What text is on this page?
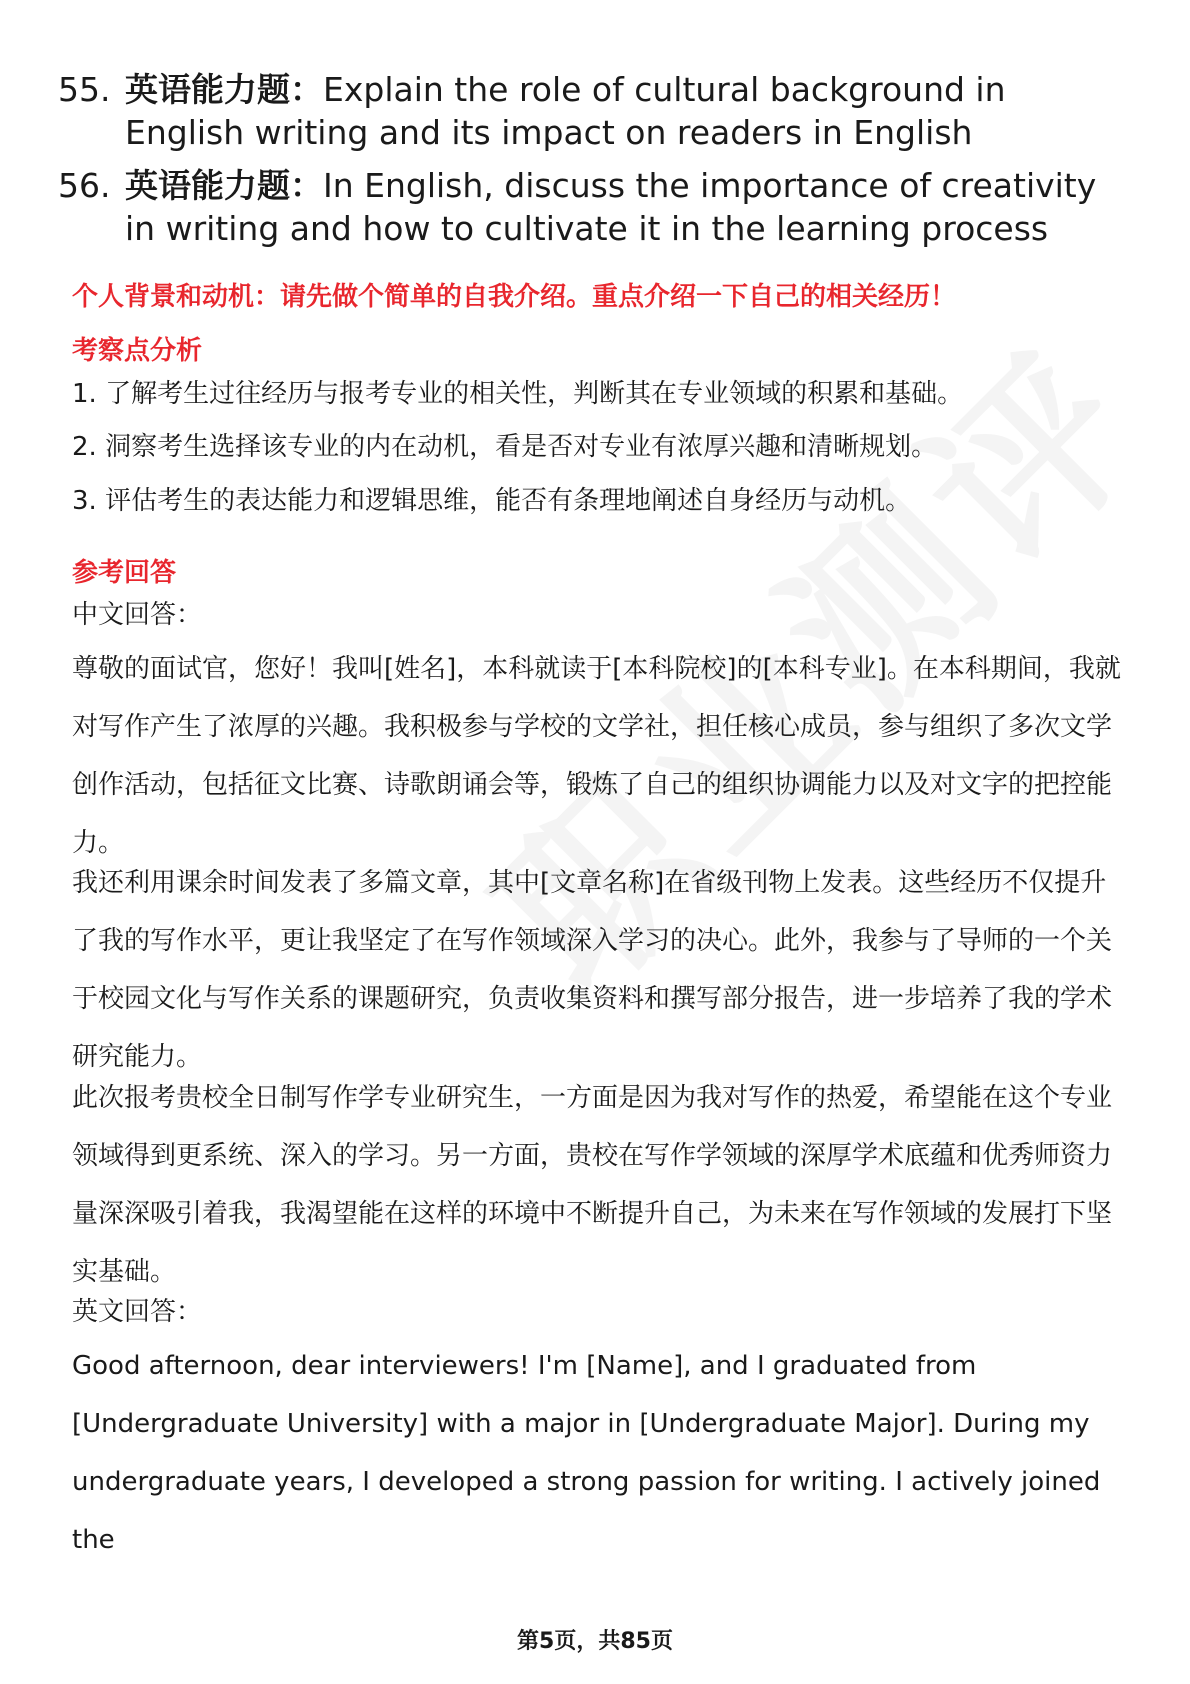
55. 英语能力题：Explain the role of cultural background in English writing and its impact on readers in English
56. 英语能力题：In English, discuss the importance of creativity in writing and how to cultivate it in the learning process
个人背景和动机：请先做个简单的自我介绍。重点介绍一下自己的相关经历！
考察点分析
1. 了解考生过往经历与报考专业的相关性，判断其在专业领域的积累和基础。
2. 洞察考生选择该专业的内在动机，看是否对专业有浓厚兴趣和清晰规划。
3. 评估考生的表达能力和逻辑思维，能否有条理地阐述自身经历与动机。
参考回答
中文回答：
尊敬的面试官，您好！我叫[姓名]，本科就读于[本科院校]的[本科专业]。在本科期间，我就对写作产生了浓厚的兴趣。我积极参与学校的文学社，担任核心成员，参与组织了多次文学创作活动，包括征文比赛、诗歌朗诵会等，锻炼了自己的组织协调能力以及对文字的把控能力。
我还利用课余时间发表了多篇文章，其中[文章名称]在省级刊物上发表。这些经历不仅提升了我的写作水平，更让我坚定了在写作领域深入学习的决心。此外，我参与了导师的一个关于校园文化与写作关系的课题研究，负责收集资料和撰写部分报告，进一步培养了我的学术研究能力。
此次报考贵校全日制写作学专业研究生，一方面是因为我对写作的热爱，希望能在这个专业领域得到更系统、深入的学习。另一方面，贵校在写作学领域的深厚学术底蕴和优秀师资力量深深吸引着我，我渴望能在这样的环境中不断提升自己，为未来在写作领域的发展打下坚实基础。
英文回答：
Good afternoon, dear interviewers! I'm [Name], and I graduated from [Undergraduate University] with a major in [Undergraduate Major]. During my undergraduate years, I developed a strong passion for writing. I actively joined the
第5页，共85页
